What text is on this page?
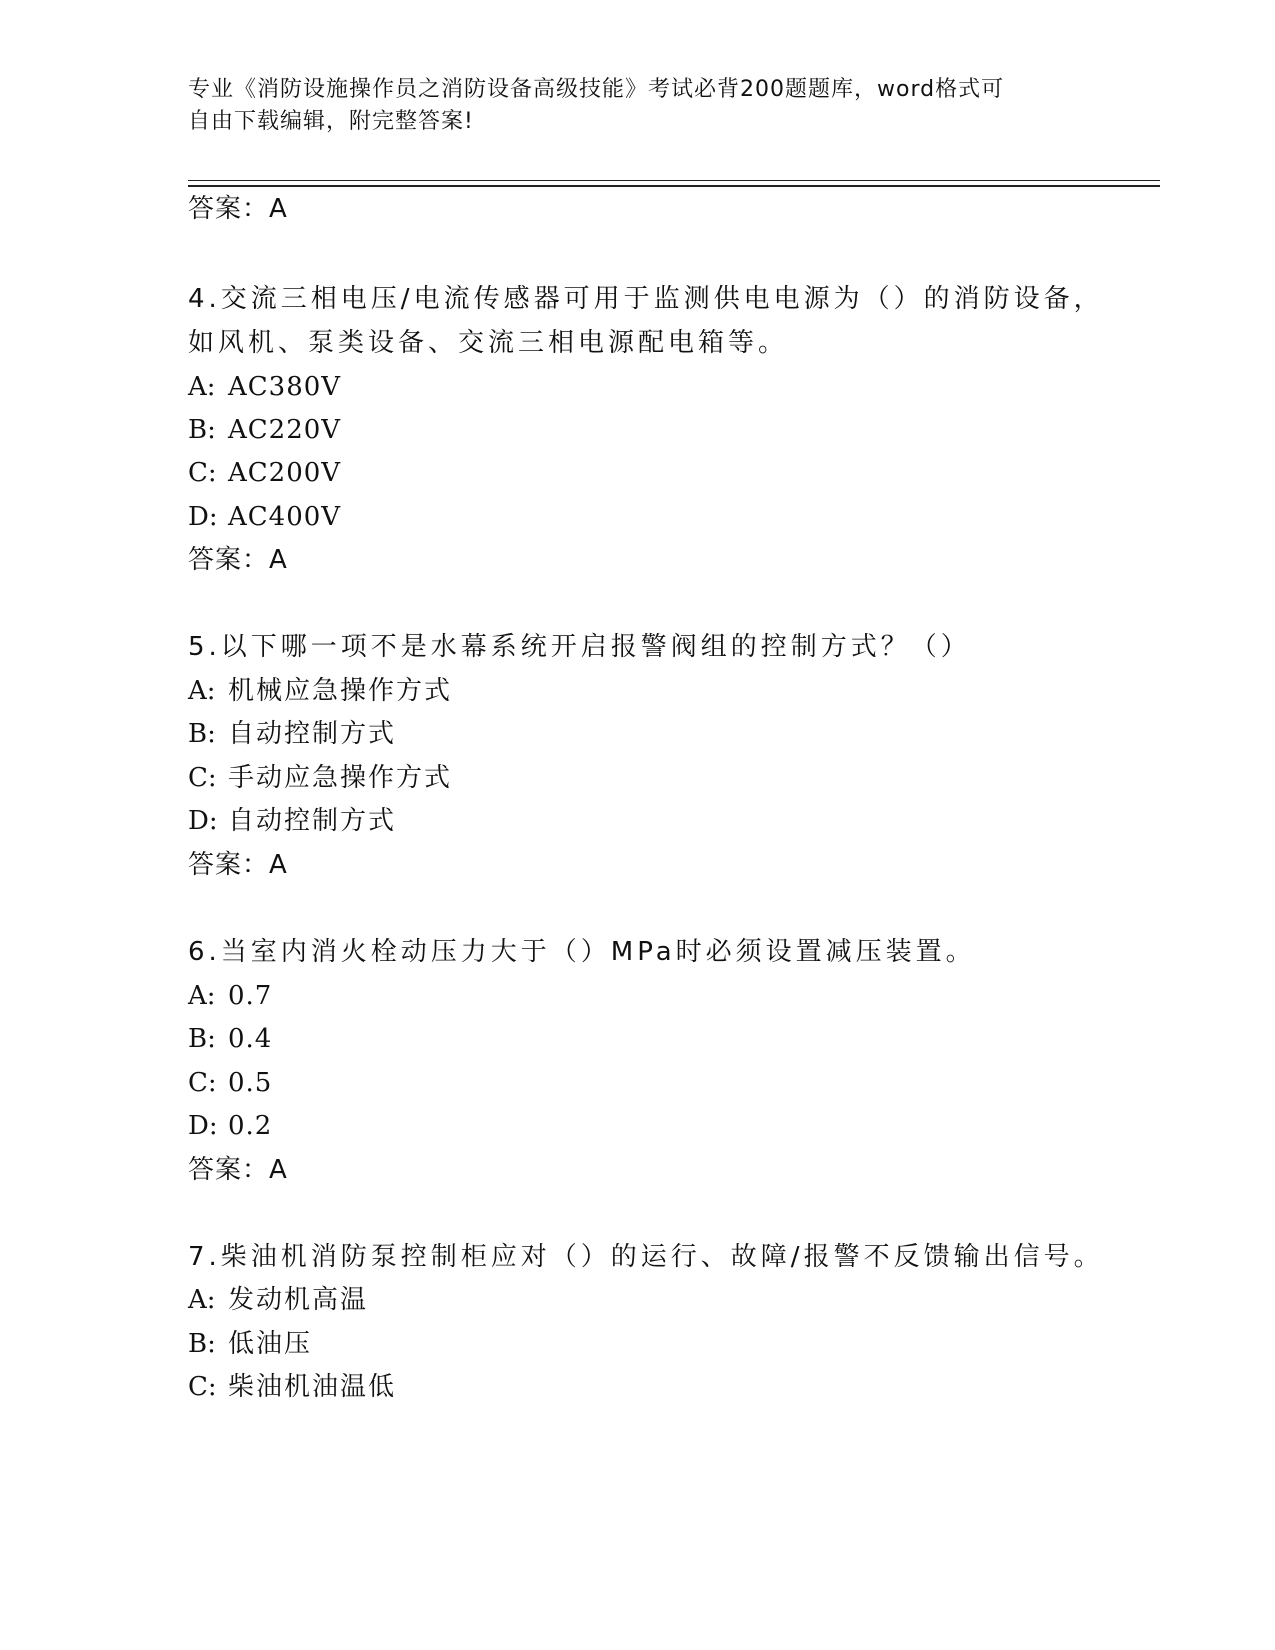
专业《消防设施操作员之消防设备高级技能》考试必背200题题库，word格式可
自由下载编辑，附完整答案!
答案：A
4.交流三相电压/电流传感器可用于监测供电电源为（）的消防设备，
如风机、泵类设备、交流三相电源配电箱等。
A: AC380V
B: AC220V
C: AC200V
D: AC400V
答案：A
5.以下哪一项不是水幕系统开启报警阀组的控制方式？（）
A: 机械应急操作方式
B: 自动控制方式
C: 手动应急操作方式
D: 自动控制方式
答案：A
6.当室内消火栓动压力大于（）MPa时必须设置减压装置。
A: 0.7
B: 0.4
C: 0.5
D: 0.2
答案：A
7.柴油机消防泵控制柜应对（）的运行、故障/报警不反馈输出信号。
A: 发动机高温
B: 低油压
C: 柴油机油温低
